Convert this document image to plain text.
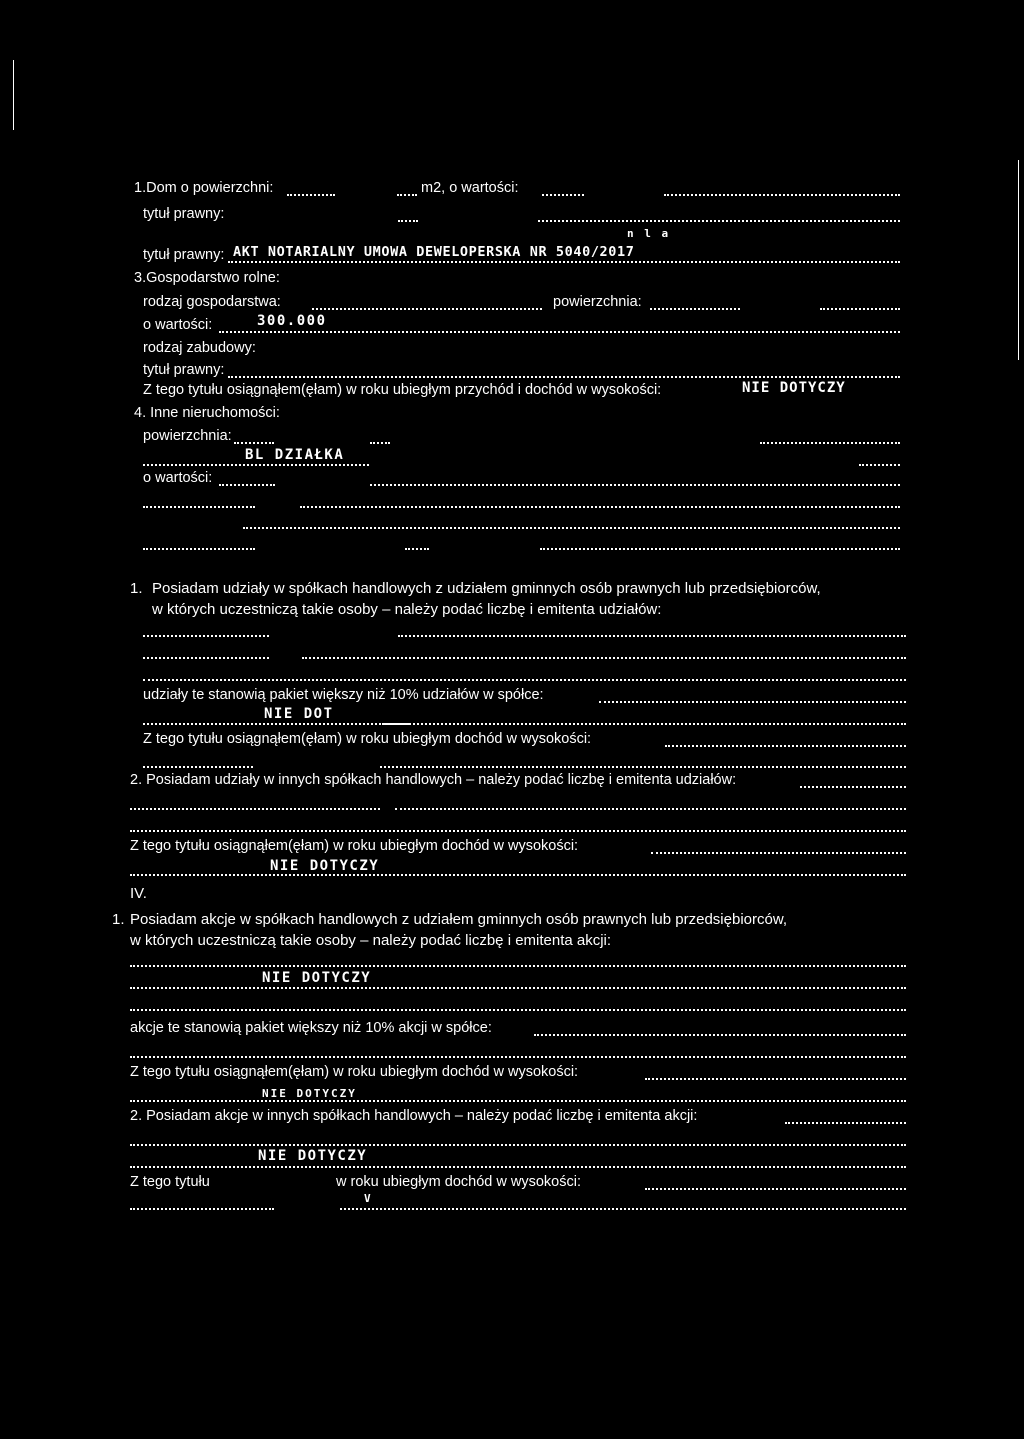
1.Dom o powierzchni:	m2, o wartości:
tytuł prawny:
n l a
tytuł prawny: AKT NOTARIALNY UMOWA DEWELOPERSKA NR 5040/2017
3.Gospodarstwo rolne:
rodzaj gospodarstwa:	powierzchnia:
o wartości:	300.000
rodzaj zabudowy:
tytuł prawny:
Z tego tytułu osiągnąłem(ęłam) w roku ubiegłym przychód i dochód w wysokości:	NIE DOTYCZY
4. Inne nieruchomości:
powierzchnia:
BL DZIAŁKA
o wartości:
1. Posiadam udziały w spółkach handlowych z udziałem gminnych osób prawnych lub przedsiębiorców,
w których uczestniczą takie osoby – należy podać liczbę i emitenta udziałów:
udziały te stanowią pakiet większy niż 10% udziałów w spółce:
NIE DOT
Z tego tytułu osiągnąłem(ęłam) w roku ubiegłym dochód w wysokości:
2. Posiadam udziały w innych spółkach handlowych – należy podać liczbę i emitenta udziałów:
Z tego tytułu osiągnąłem(ęłam) w roku ubiegłym dochód w wysokości:
NIE DOTYCZY
IV.
1. Posiadam akcje w spółkach handlowych z udziałem gminnych osób prawnych lub przedsiębiorców,
w których uczestniczą takie osoby – należy podać liczbę i emitenta akcji:
NIE DOTYCZY
akcje te stanowią pakiet większy niż 10% akcji w spółce:
Z tego tytułu osiągnąłem(ęłam) w roku ubiegłym dochód w wysokości:
NIE DOTYCZY
2. Posiadam akcje w innych spółkach handlowych – należy podać liczbę i emitenta akcji:
NIE DOTYCZY
Z tego tytułu	w roku ubiegłym dochód w wysokości:
V
